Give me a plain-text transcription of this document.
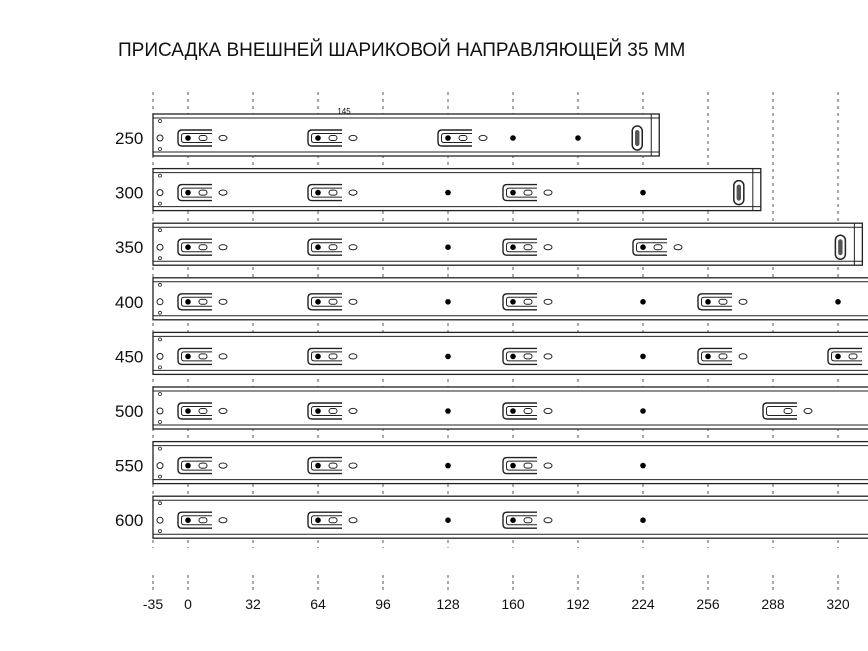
ПРИСАДКА ВНЕШНЕЙ ШАРИКОВОЙ НАПРАВЛЯЮЩЕЙ 35 ММ
250
300
350
400
450
500
550
600
-35 0	32	64	96	128	160	192	224	256	288	320
145
